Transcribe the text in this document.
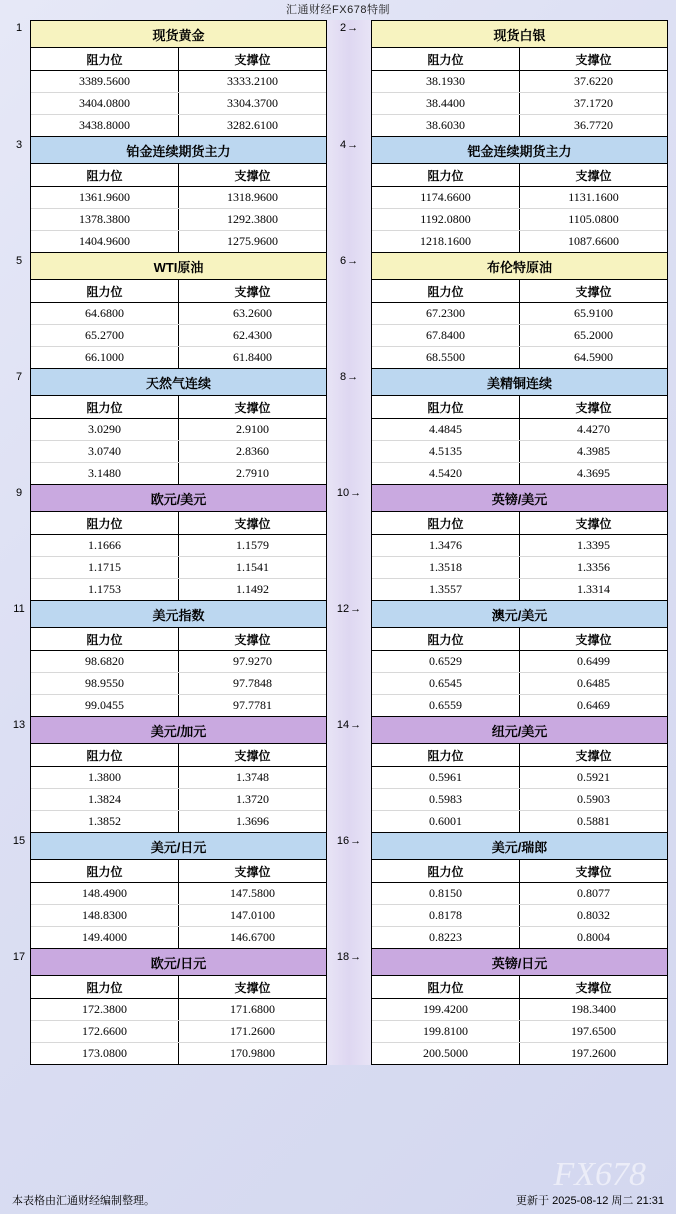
汇通财经FX678特制
1	现货黄金
阻力位	支撑位
3389.5600	3333.2100
3404.0800	3304.3700
3438.8000	3282.6100
2 →	现货白银
阻力位	支撑位
38.1930	37.6220
38.4400	37.1720
38.6030	36.7720
3	铂金连续期货主力
阻力位	支撑位
1361.9600	1318.9600
1378.3800	1292.3800
1404.9600	1275.9600
4 →	钯金连续期货主力
阻力位	支撑位
1174.6600	1131.1600
1192.0800	1105.0800
1218.1600	1087.6600
5	WTI原油
阻力位	支撑位
64.6800	63.2600
65.2700	62.4300
66.1000	61.8400
6 →	布伦特原油
阻力位	支撑位
67.2300	65.9100
67.8400	65.2000
68.5500	64.5900
7	天然气连续
阻力位	支撑位
3.0290	2.9100
3.0740	2.8360
3.1480	2.7910
8 →	美精铜连续
阻力位	支撑位
4.4845	4.4270
4.5135	4.3985
4.5420	4.3695
9	欧元/美元
阻力位	支撑位
1.1666	1.1579
1.1715	1.1541
1.1753	1.1492
10 →	英镑/美元
阻力位	支撑位
1.3476	1.3395
1.3518	1.3356
1.3557	1.3314
11	美元指数
阻力位	支撑位
98.6820	97.9270
98.9550	97.7848
99.0455	97.7781
12 →	澳元/美元
阻力位	支撑位
0.6529	0.6499
0.6545	0.6485
0.6559	0.6469
13	美元/加元
阻力位	支撑位
1.3800	1.3748
1.3824	1.3720
1.3852	1.3696
14 →	纽元/美元
阻力位	支撑位
0.5961	0.5921
0.5983	0.5903
0.6001	0.5881
15	美元/日元
阻力位	支撑位
148.4900	147.5800
148.8300	147.0100
149.4000	146.6700
16 →	美元/瑞郎
阻力位	支撑位
0.8150	0.8077
0.8178	0.8032
0.8223	0.8004
17	欧元/日元
阻力位	支撑位
172.3800	171.6800
172.6600	171.2600
173.0800	170.9800
18 →	英镑/日元
阻力位	支撑位
199.4200	198.3400
199.8100	197.6500
200.5000	197.2600
FX678
本表格由汇通财经编制整理。	更新于 2025-08-12 周二 21:31
